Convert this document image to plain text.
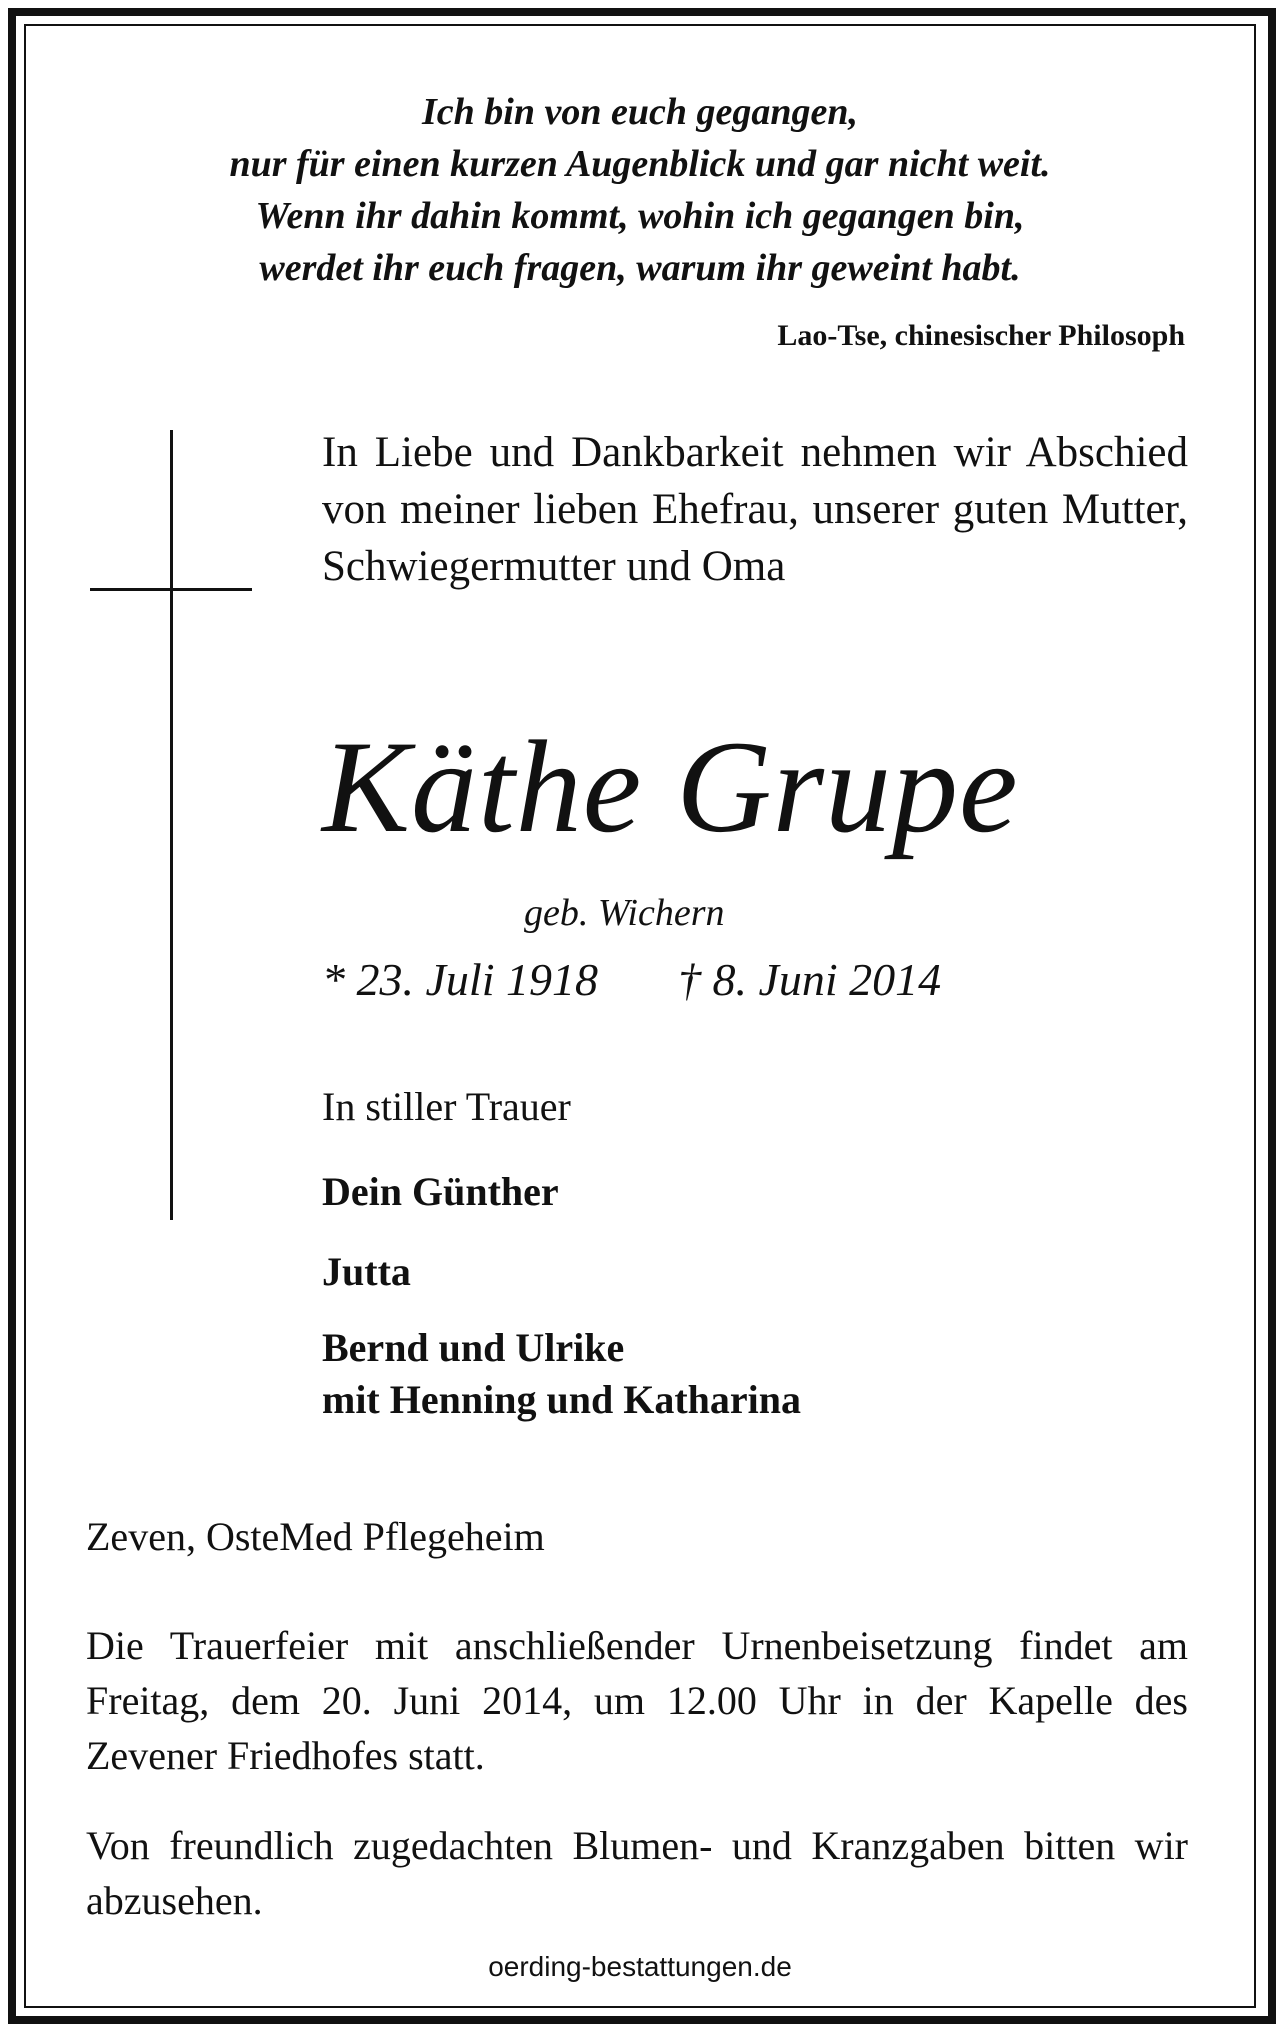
Ich bin von euch gegangen,
nur für einen kurzen Augenblick und gar nicht weit.
Wenn ihr dahin kommt, wohin ich gegangen bin,
werdet ihr euch fragen, warum ihr geweint habt.

Lao-Tse, chinesischer Philosoph

In Liebe und Dankbarkeit nehmen wir Abschied von meiner lieben Ehefrau, unserer guten Mutter, Schwiegermutter und Oma

Käthe Grupe

geb. Wichern

* 23. Juli 1918 † 8. Juni 2014

In stiller Trauer

Dein Günther

Jutta

Bernd und Ulrike

mit Henning und Katharina

Zeven, OsteMed Pflegeheim

Die Trauerfeier mit anschließender Urnenbeisetzung findet am Freitag, dem 20. Juni 2014, um 12.00 Uhr in der Kapelle des Zevener Friedhofes statt.

Von freundlich zugedachten Blumen- und Kranzgaben bitten wir abzusehen.

oerding-bestattungen.de
